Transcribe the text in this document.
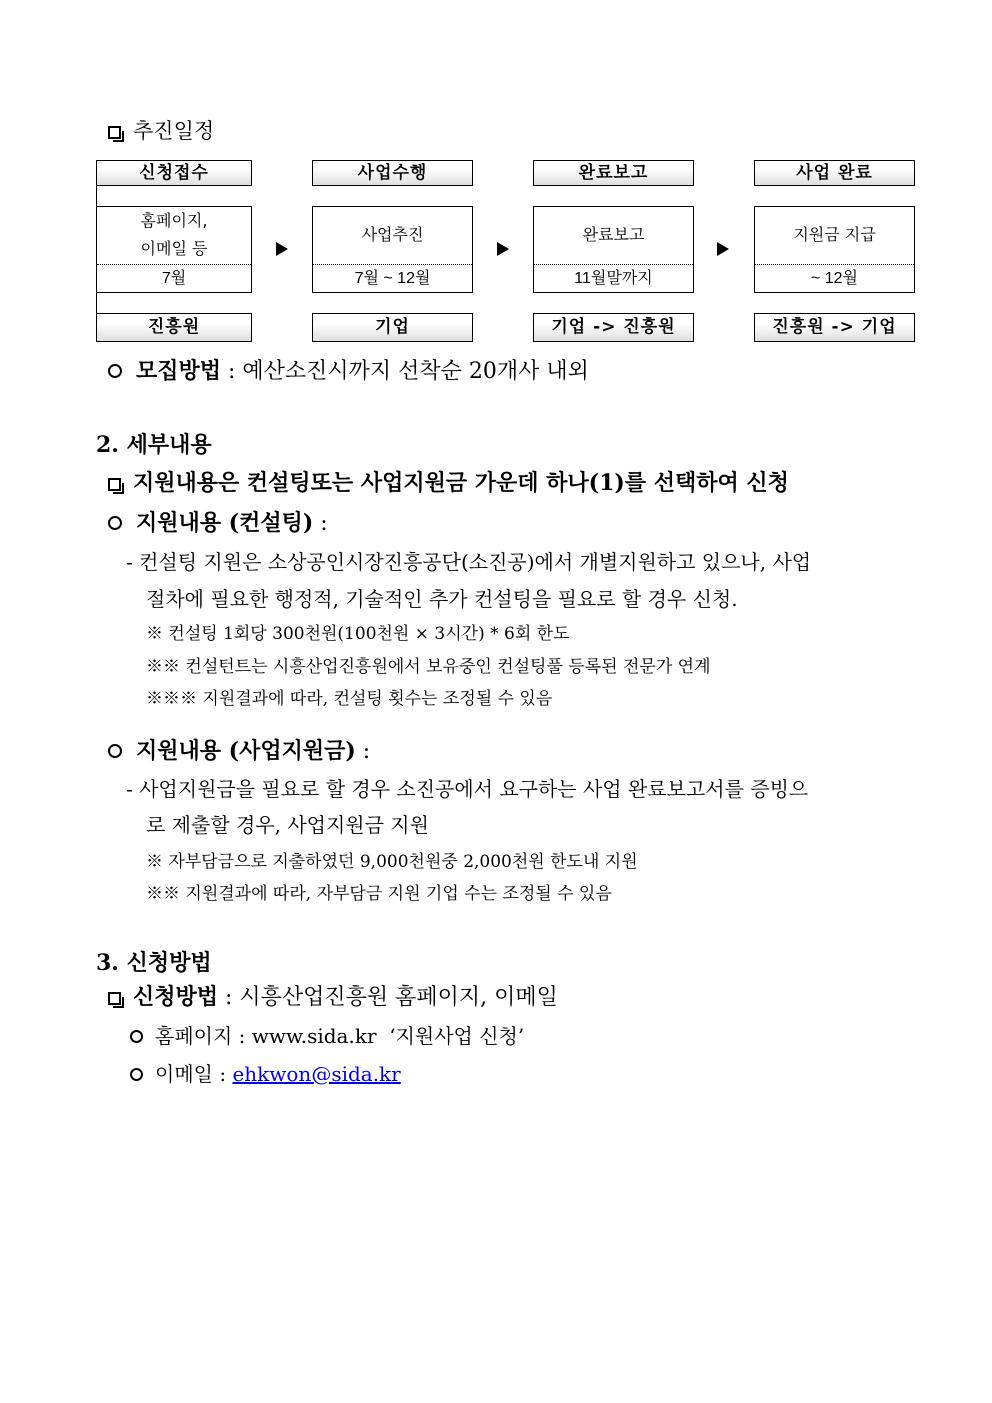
추진일정
신청접수
홈페이지,
이메일 등
7월
진흥원
사업수행
사업추진
7월 ~ 12월
기업
완료보고
완료보고
11월말까지
기업 -> 진흥원
사업 완료
지원금 지급
~ 12월
진흥원 -> 기업
모집방법 : 예산소진시까지 선착순 20개사 내외
2. 세부내용
지원내용은 컨설팅또는 사업지원금 가운데 하나(1)를 선택하여 신청
지원내용 (컨설팅) :
- 컨설팅 지원은 소상공인시장진흥공단(소진공)에서 개별지원하고 있으나, 사업
절차에 필요한 행정적, 기술적인 추가 컨설팅을 필요로 할 경우 신청.
※ 컨설팅 1회당 300천원(100천원 × 3시간) * 6회 한도
※※ 컨설턴트는 시흥산업진흥원에서 보유중인 컨설팅풀 등록된 전문가 연계
※※※ 지원결과에 따라, 컨설팅 횟수는 조정될 수 있음
지원내용 (사업지원금) :
- 사업지원금을 필요로 할 경우 소진공에서 요구하는 사업 완료보고서를 증빙으
로 제출할 경우, 사업지원금 지원
※ 자부담금으로 지출하였던 9,000천원중 2,000천원 한도내 지원
※※ 지원결과에 따라, 자부담금 지원 기업 수는 조정될 수 있음
3. 신청방법
신청방법 : 시흥산업진흥원 홈페이지, 이메일
홈페이지 : www.sida.kr ‘지원사업 신청’
이메일 : ehkwon@sida.kr
